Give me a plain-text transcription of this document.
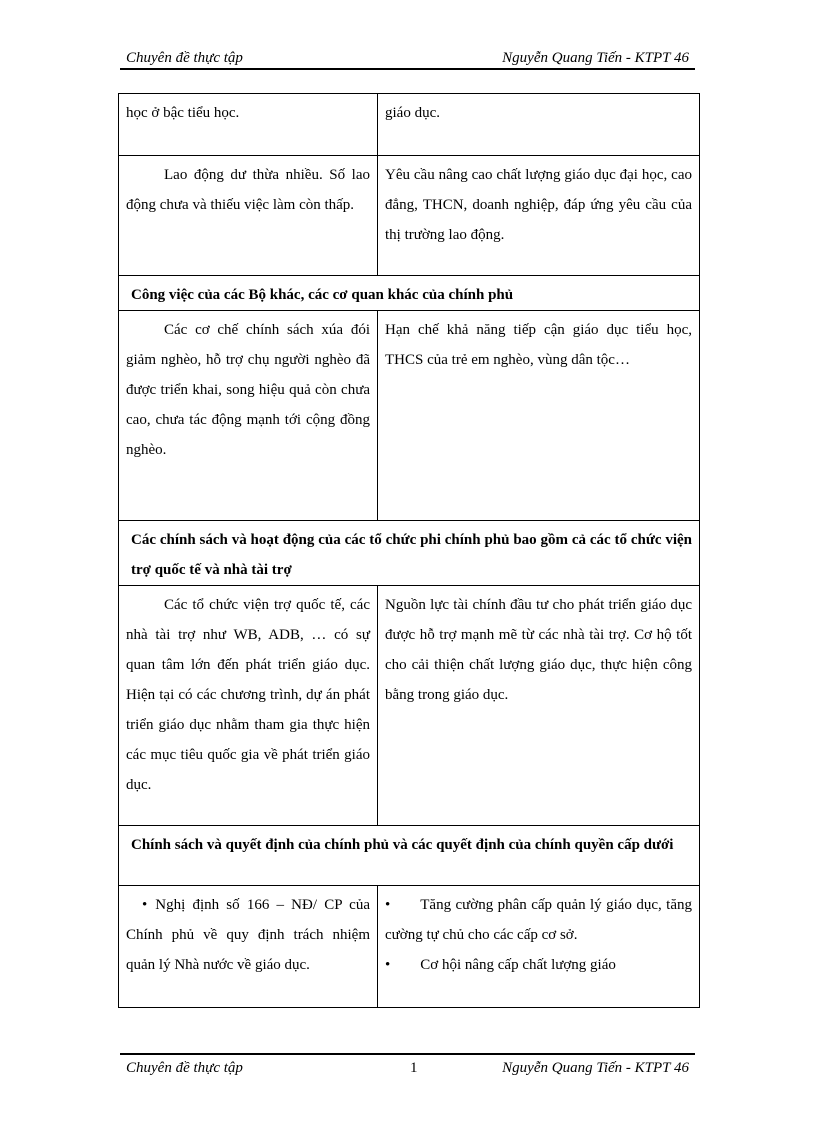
Chuyên đề thực tập	Nguyễn Quang Tiến - KTPT 46
học ở bậc tiểu học.	giáo dục.
Lao động dư thừa nhiều. Số lao động chưa và thiếu việc làm còn thấp.	Yêu cầu nâng cao chất lượng giáo dục đại học, cao đẳng, THCN, doanh nghiệp, đáp ứng yêu cầu của thị trường lao động.
Công việc của các Bộ khác, các cơ quan khác của chính phủ	
Các cơ chế chính sách xúa đói giảm nghèo, hỗ trợ chụ người nghèo đã được triển khai, song hiệu quả còn chưa cao, chưa tác động mạnh tới cộng đồng nghèo.	Hạn chế khả năng tiếp cận giáo dục tiểu học, THCS của trẻ em nghèo, vùng dân tộc…
Các chính sách và hoạt động của các tổ chức phi chính phủ bao gồm cả các tổ chức viện trợ quốc tế và nhà tài trợ	
Các tổ chức viện trợ quốc tế, các nhà tài trợ như WB, ADB, … có sự quan tâm lớn đến phát triển giáo dục. Hiện tại có các chương trình, dự án phát triển giáo dục nhằm tham gia thực hiện các mục tiêu quốc gia về phát triển giáo dục.	Nguồn lực tài chính đầu tư cho phát triển giáo dục được hỗ trợ mạnh mẽ từ các nhà tài trợ. Cơ hộ tốt cho cải thiện chất lượng giáo dục, thực hiện công bằng trong giáo dục.
Chính sách và quyết định của chính phủ và các quyết định của chính quyền cấp dưới	
• Nghị định số 166 – NĐ/ CP của Chính phủ về quy định trách nhiệm quản lý Nhà nước về giáo dục.	• Tăng cường phân cấp quản lý giáo dục, tăng cường tự chủ cho các cấp cơ sở.
• Cơ hội nâng cấp chất lượng giáo
Chuyên đề thực tập	1	Nguyễn Quang Tiến - KTPT 46
